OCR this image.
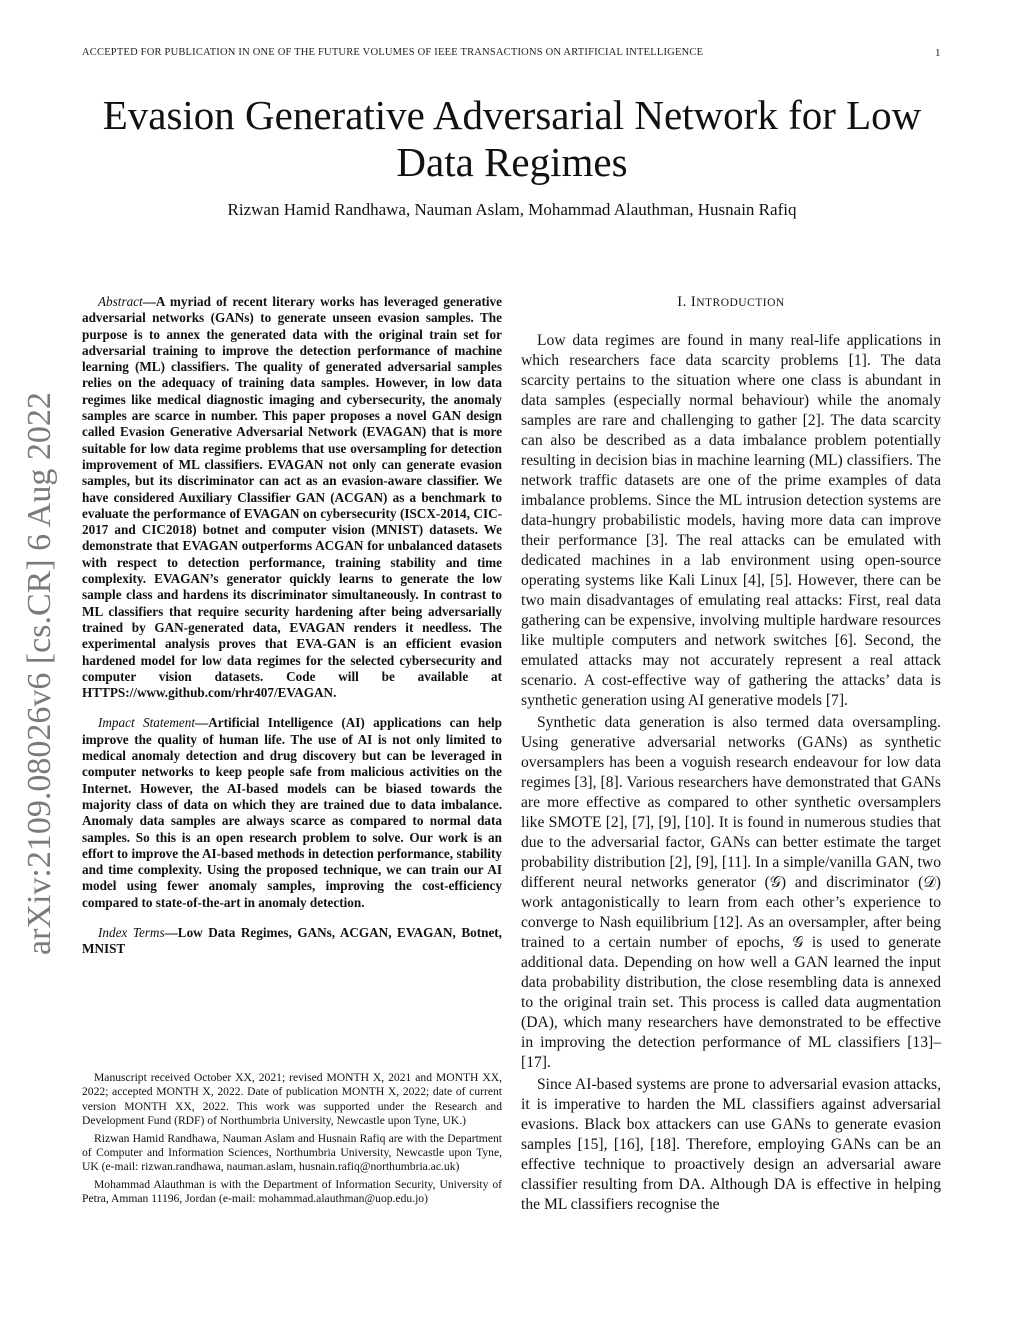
ACCEPTED FOR PUBLICATION IN ONE OF THE FUTURE VOLUMES OF IEEE TRANSACTIONS ON ARTIFICIAL INTELLIGENCE	1
Evasion Generative Adversarial Network for Low
Data Regimes
Rizwan Hamid Randhawa, Nauman Aslam, Mohammad Alauthman, Husnain Rafiq
arXiv:2109.08026v6 [cs.CR] 6 Aug 2022

Abstract—A myriad of recent literary works has leveraged generative adversarial networks (GANs) to generate unseen evasion samples. The purpose is to annex the generated data with the original train set for adversarial training to improve the detection performance of machine learning (ML) classifiers. The quality of generated adversarial samples relies on the adequacy of training data samples. However, in low data regimes like medical diagnostic imaging and cybersecurity, the anomaly samples are scarce in number. This paper proposes a novel GAN design called Evasion Generative Adversarial Network (EVAGAN) that is more suitable for low data regime problems that use oversampling for detection improvement of ML classifiers. EVAGAN not only can generate evasion samples, but its discriminator can act as an evasion-aware classifier. We have considered Auxiliary Classifier GAN (ACGAN) as a benchmark to evaluate the performance of EVAGAN on cybersecurity (ISCX-2014, CIC-2017 and CIC2018) botnet and computer vision (MNIST) datasets. We demonstrate that EVAGAN outperforms ACGAN for unbalanced datasets with respect to detection performance, training stability and time complexity. EVAGAN’s generator quickly learns to generate the low sample class and hardens its discriminator simultaneously. In contrast to ML classifiers that require security hardening after being adversarially trained by GAN-generated data, EVAGAN renders it needless. The experimental analysis proves that EVA-GAN is an efficient evasion hardened model for low data regimes for the selected cybersecurity and computer vision datasets. Code will be available at HTTPS://www.github.com/rhr407/EVAGAN.

Impact Statement—Artificial Intelligence (AI) applications can help improve the quality of human life. The use of AI is not only limited to medical anomaly detection and drug discovery but can be leveraged in computer networks to keep people safe from malicious activities on the Internet. However, the AI-based models can be biased towards the majority class of data on which they are trained due to data imbalance. Anomaly data samples are always scarce as compared to normal data samples. So this is an open research problem to solve. Our work is an effort to improve the AI-based methods in detection performance, stability and time complexity. Using the proposed technique, we can train our AI model using fewer anomaly samples, improving the cost-efficiency compared to state-of-the-art in anomaly detection.

Index Terms—Low Data Regimes, GANs, ACGAN, EVAGAN, Botnet, MNIST

Manuscript received October XX, 2021; revised MONTH X, 2021 and MONTH XX, 2022; accepted MONTH X, 2022. Date of publication MONTH X, 2022; date of current version MONTH XX, 2022. This work was supported under the Research and Development Fund (RDF) of Northumbria University, Newcastle upon Tyne, UK.)

Rizwan Hamid Randhawa, Nauman Aslam and Husnain Rafiq are with the Department of Computer and Information Sciences, Northumbria University, Newcastle upon Tyne, UK (e-mail: rizwan.randhawa, nauman.aslam, husnain.rafiq@northumbria.ac.uk)

Mohammad Alauthman is with the Department of Information Security, University of Petra, Amman 11196, Jordan (e-mail: mohammad.alauthman@uop.edu.jo)

I. INTRODUCTION

Low data regimes are found in many real-life applications in which researchers face data scarcity problems [1]. The data scarcity pertains to the situation where one class is abundant in data samples (especially normal behaviour) while the anomaly samples are rare and challenging to gather [2]. The data scarcity can also be described as a data imbalance problem potentially resulting in decision bias in machine learning (ML) classifiers. The network traffic datasets are one of the prime examples of data imbalance problems. Since the ML intrusion detection systems are data-hungry probabilistic models, having more data can improve their performance [3]. The real attacks can be emulated with dedicated machines in a lab environment using open-source operating systems like Kali Linux [4], [5]. However, there can be two main disadvantages of emulating real attacks: First, real data gathering can be expensive, involving multiple hardware resources like multiple computers and network switches [6]. Second, the emulated attacks may not accurately represent a real attack scenario. A cost-effective way of gathering the attacks’ data is synthetic generation using AI generative models [7].

Synthetic data generation is also termed data oversampling. Using generative adversarial networks (GANs) as synthetic oversamplers has been a voguish research endeavour for low data regimes [3], [8]. Various researchers have demonstrated that GANs are more effective as compared to other synthetic oversamplers like SMOTE [2], [7], [9], [10]. It is found in numerous studies that due to the adversarial factor, GANs can better estimate the target probability distribution [2], [9], [11]. In a simple/vanilla GAN, two different neural networks generator (𝒢) and discriminator (𝒟) work antagonistically to learn from each other’s experience to converge to Nash equilibrium [12]. As an oversampler, after being trained to a certain number of epochs, 𝒢 is used to generate additional data. Depending on how well a GAN learned the input data probability distribution, the close resembling data is annexed to the original train set. This process is called data augmentation (DA), which many researchers have demonstrated to be effective in improving the detection performance of ML classifiers [13]–[17].

Since AI-based systems are prone to adversarial evasion attacks, it is imperative to harden the ML classifiers against adversarial evasions. Black box attackers can use GANs to generate evasion samples [15], [16], [18]. Therefore, employing GANs can be an effective technique to proactively design an adversarial aware classifier resulting from DA. Although DA is effective in helping the ML classifiers recognise the
